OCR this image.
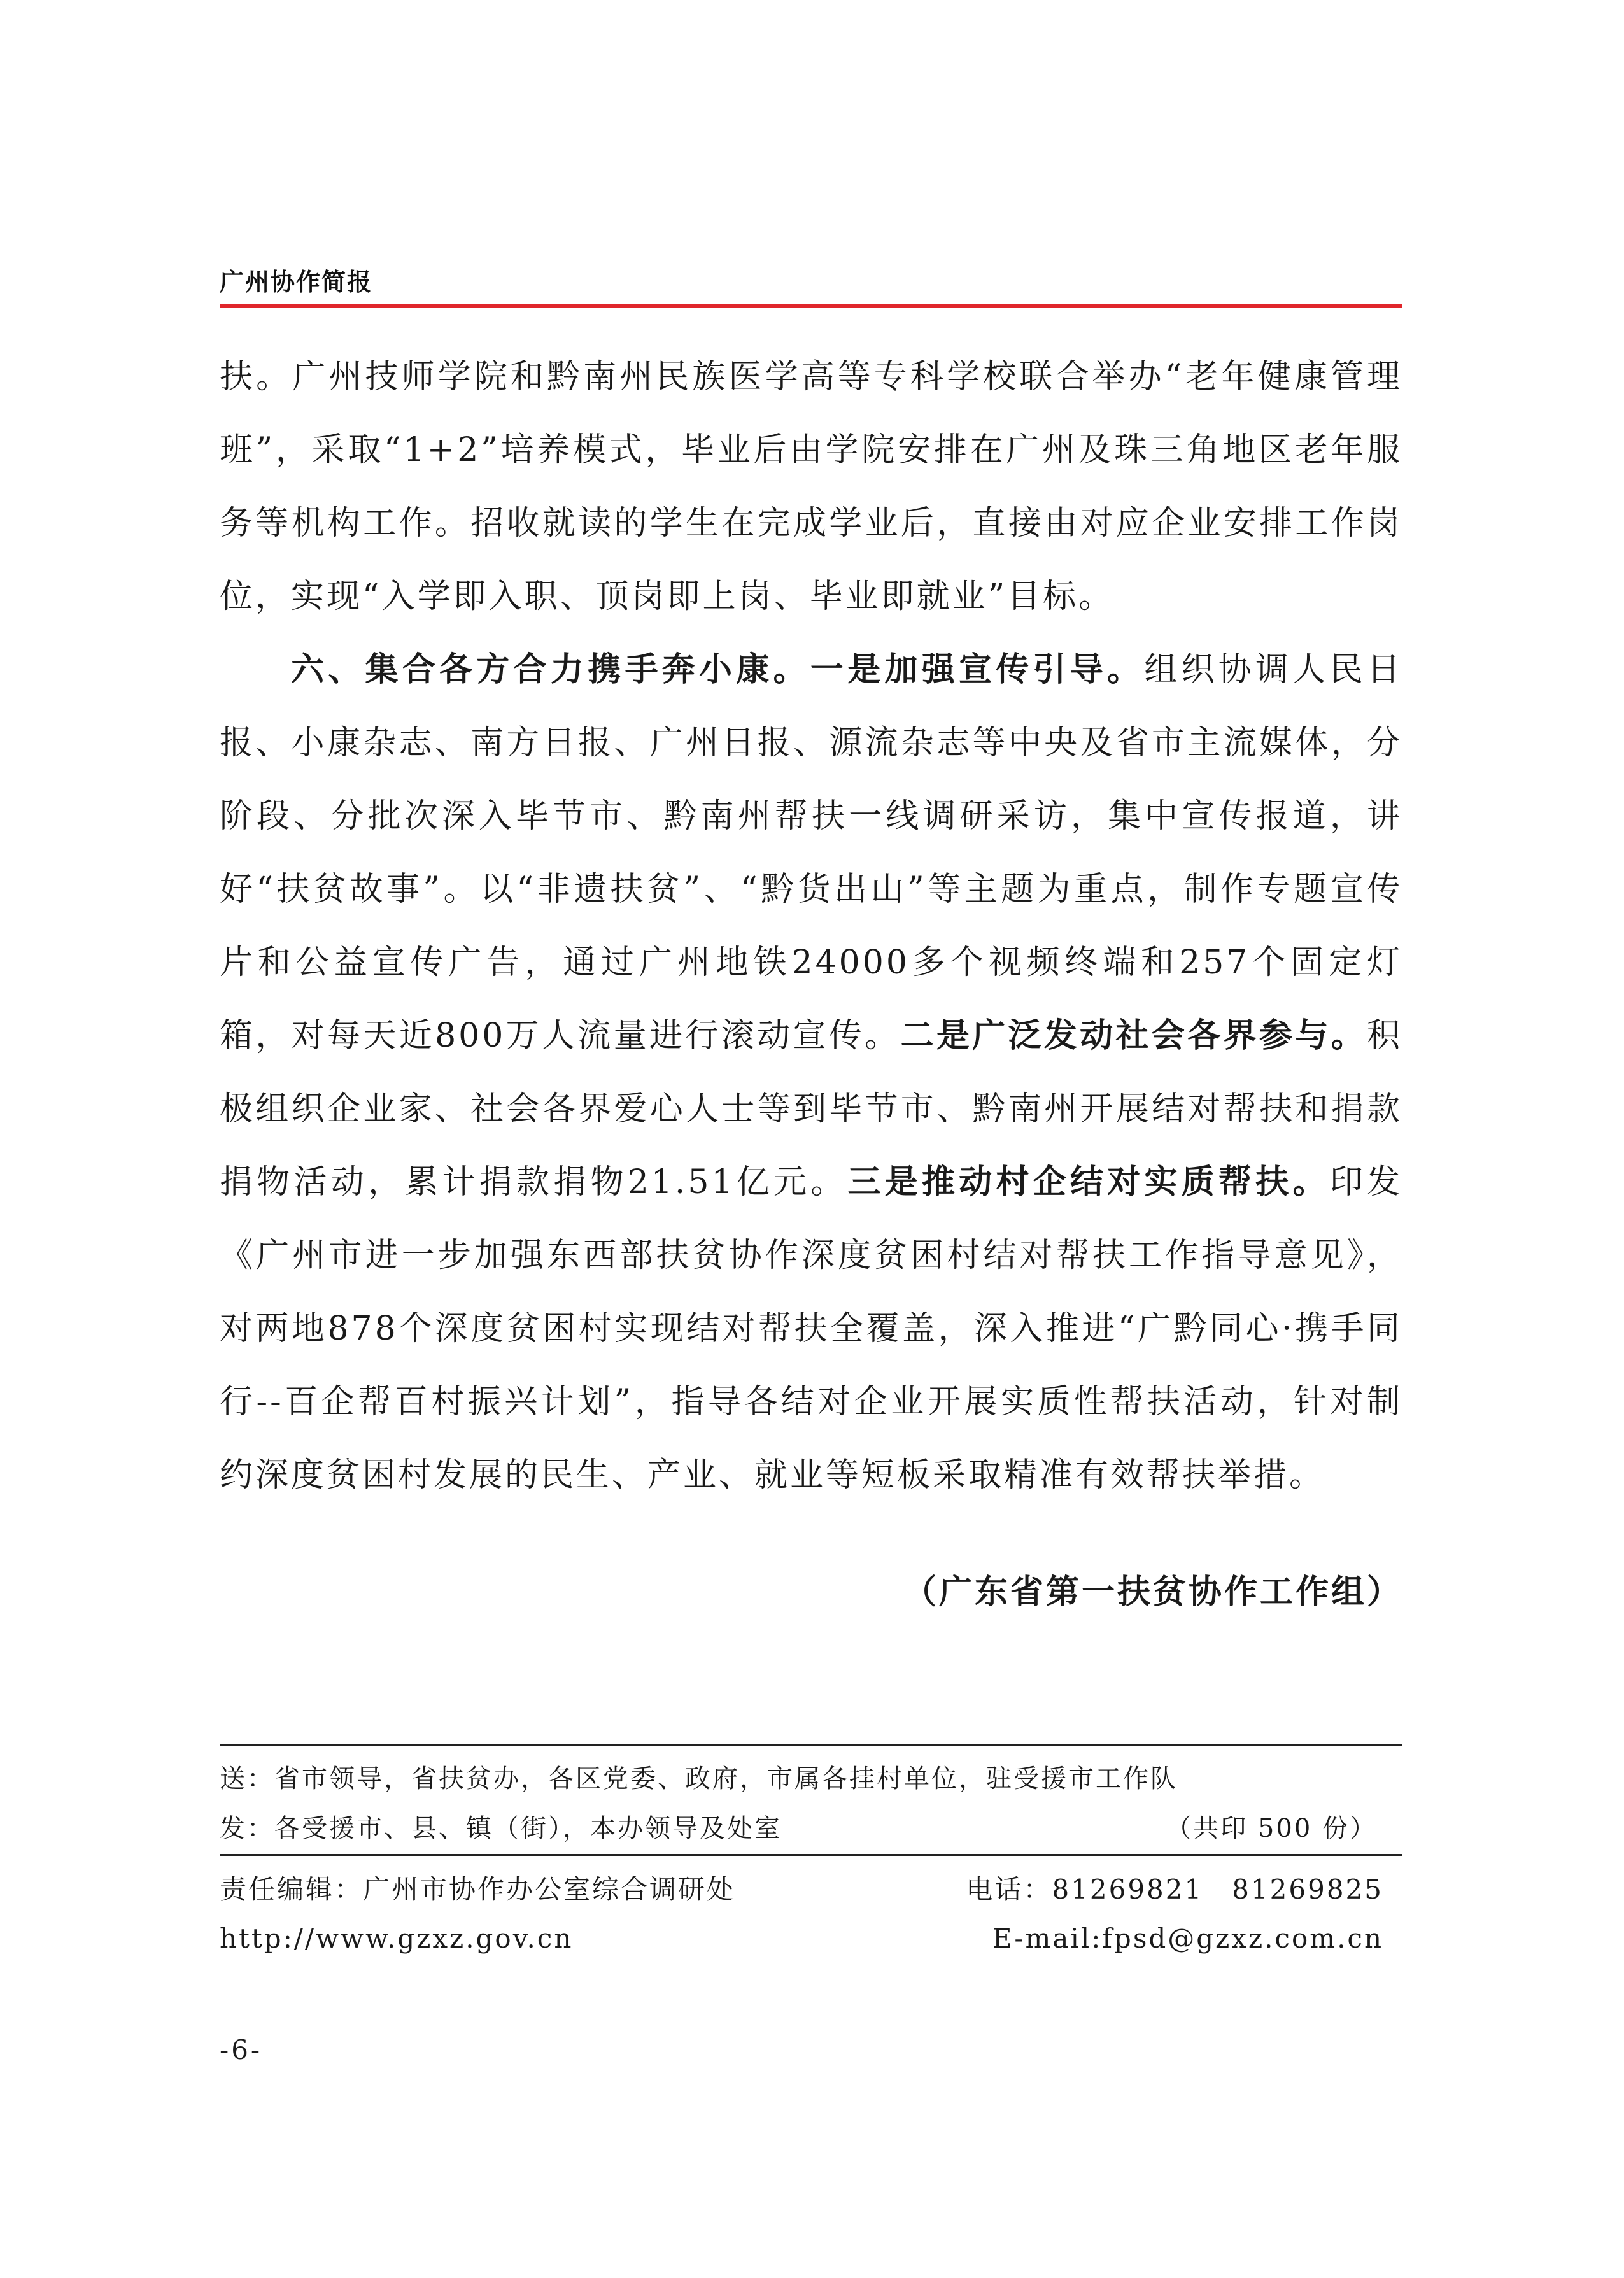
广州协作简报

扶。广州技师学院和黔南州民族医学高等专科学校联合举办“老年健康管理班”，采取“1+2”培养模式，毕业后由学院安排在广州及珠三角地区老年服务等机构工作。招收就读的学生在完成学业后，直接由对应企业安排工作岗位，实现“入学即入职、顶岗即上岗、毕业即就业”目标。

六、集合各方合力携手奔小康。一是加强宣传引导。组织协调人民日报、小康杂志、南方日报、广州日报、源流杂志等中央及省市主流媒体，分阶段、分批次深入毕节市、黔南州帮扶一线调研采访，集中宣传报道，讲好“扶贫故事”。以“非遗扶贫”、“黔货出山”等主题为重点，制作专题宣传片和公益宣传广告，通过广州地铁24000多个视频终端和257个固定灯箱，对每天近800万人流量进行滚动宣传。二是广泛发动社会各界参与。积极组织企业家、社会各界爱心人士等到毕节市、黔南州开展结对帮扶和捐款捐物活动，累计捐款捐物21.51亿元。三是推动村企结对实质帮扶。印发《广州市进一步加强东西部扶贫协作深度贫困村结对帮扶工作指导意见》，对两地878个深度贫困村实现结对帮扶全覆盖，深入推进“广黔同心·携手同行--百企帮百村振兴计划”，指导各结对企业开展实质性帮扶活动，针对制约深度贫困村发展的民生、产业、就业等短板采取精准有效帮扶举措。

（广东省第一扶贫协作工作组）
送：省市领导，省扶贫办，各区党委、政府，市属各挂村单位，驻受援市工作队
发：各受援市、县、镇（街），本办领导及处室	（共印 500 份）
责任编辑：广州市协作办公室综合调研处	电话：81269821　81269825
http://www.gzxz.gov.cn	E-mail:fpsd@gzxz.com.cn
-6-
